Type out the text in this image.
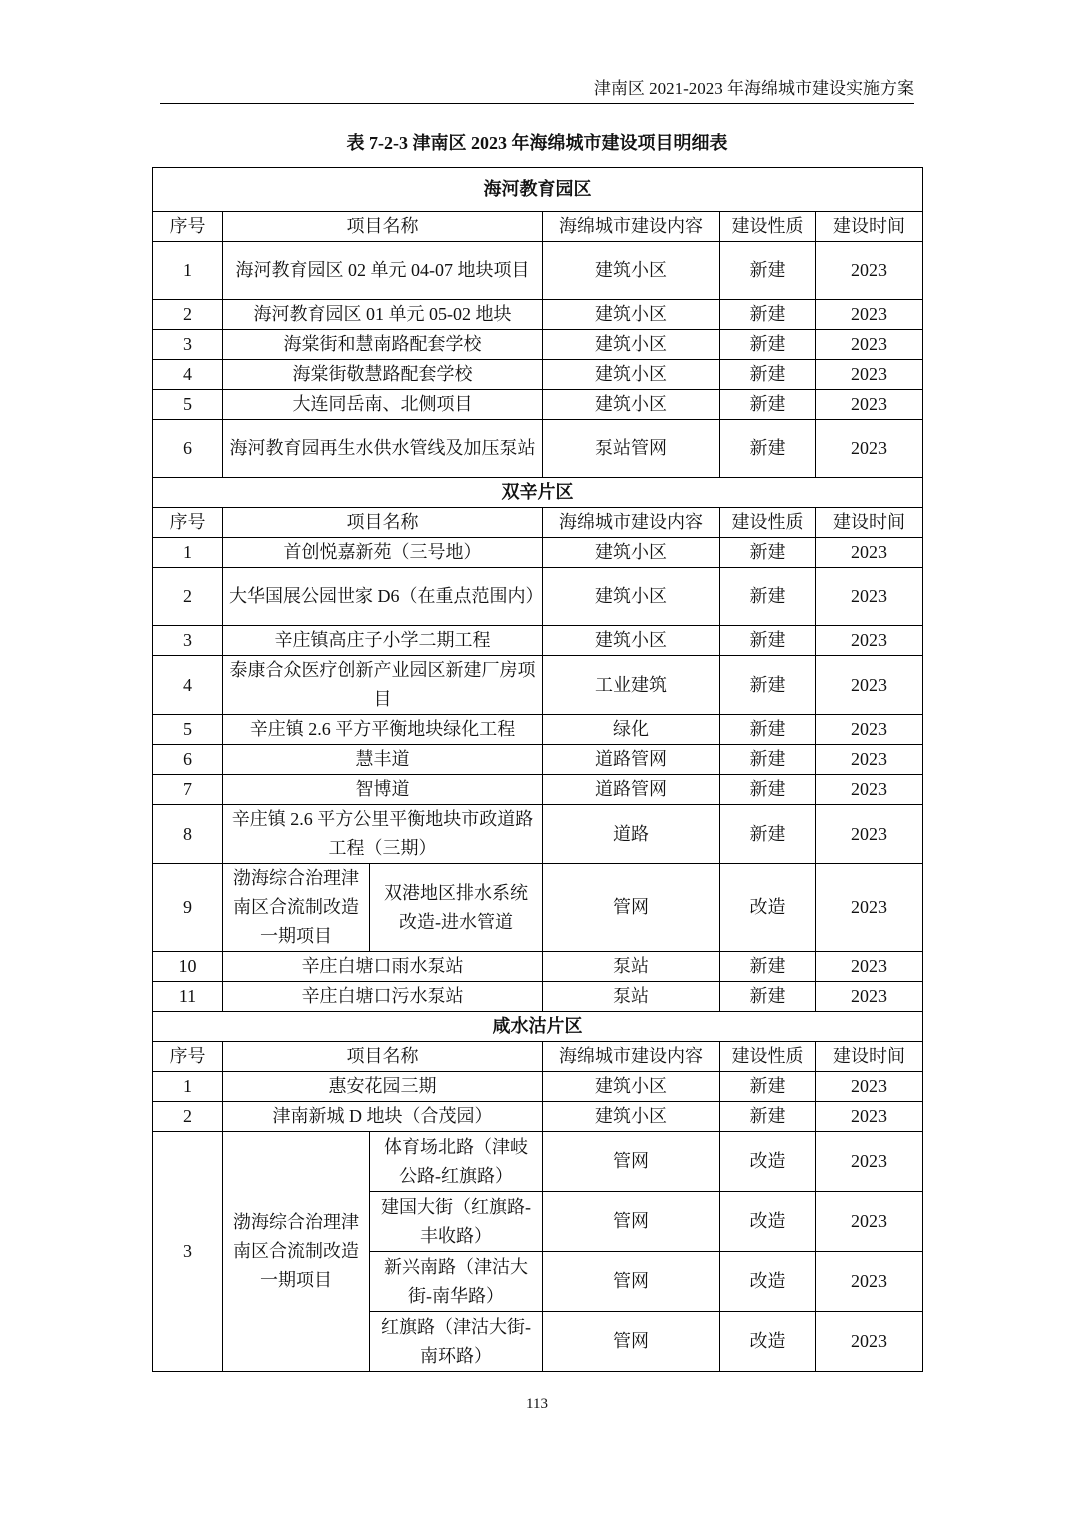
津南区 2021-2023 年海绵城市建设实施方案
表 7-2-3 津南区 2023 年海绵城市建设项目明细表
海河教育园区					
序号	项目名称		海绵城市建设内容	建设性质	建设时间
1	海河教育园区 02 单元 04-07 地块项目		建筑小区	新建	2023
2	海河教育园区 01 单元 05-02 地块		建筑小区	新建	2023
3	海棠街和慧南路配套学校		建筑小区	新建	2023
4	海棠街敬慧路配套学校		建筑小区	新建	2023
5	大连同岳南、北侧项目		建筑小区	新建	2023
6	海河教育园再生水供水管线及加压泵站		泵站管网	新建	2023
双辛片区					
序号	项目名称		海绵城市建设内容	建设性质	建设时间
1	首创悦嘉新苑（三号地）		建筑小区	新建	2023
2	大华国展公园世家 D6（在重点范围内）		建筑小区	新建	2023
3	辛庄镇高庄子小学二期工程		建筑小区	新建	2023
4	泰康合众医疗创新产业园区新建厂房项目		工业建筑	新建	2023
5	辛庄镇 2.6 平方平衡地块绿化工程		绿化	新建	2023
6	慧丰道		道路管网	新建	2023
7	智博道		道路管网	新建	2023
8	辛庄镇 2.6 平方公里平衡地块市政道路工程（三期）		道路	新建	2023
9	渤海综合治理津南区合流制改造一期项目	双港地区排水系统改造-进水管道	管网	改造	2023
10	辛庄白塘口雨水泵站		泵站	新建	2023
11	辛庄白塘口污水泵站		泵站	新建	2023
咸水沽片区					
序号	项目名称		海绵城市建设内容	建设性质	建设时间
1	惠安花园三期		建筑小区	新建	2023
2	津南新城 D 地块（合茂园）		建筑小区	新建	2023
3	渤海综合治理津南区合流制改造一期项目	体育场北路（津岐公路-红旗路）	管网	改造	2023
		建国大街（红旗路-丰收路）	管网	改造	2023
		新兴南路（津沽大街-南华路）	管网	改造	2023
		红旗路（津沽大街-南环路）	管网	改造	2023
113
